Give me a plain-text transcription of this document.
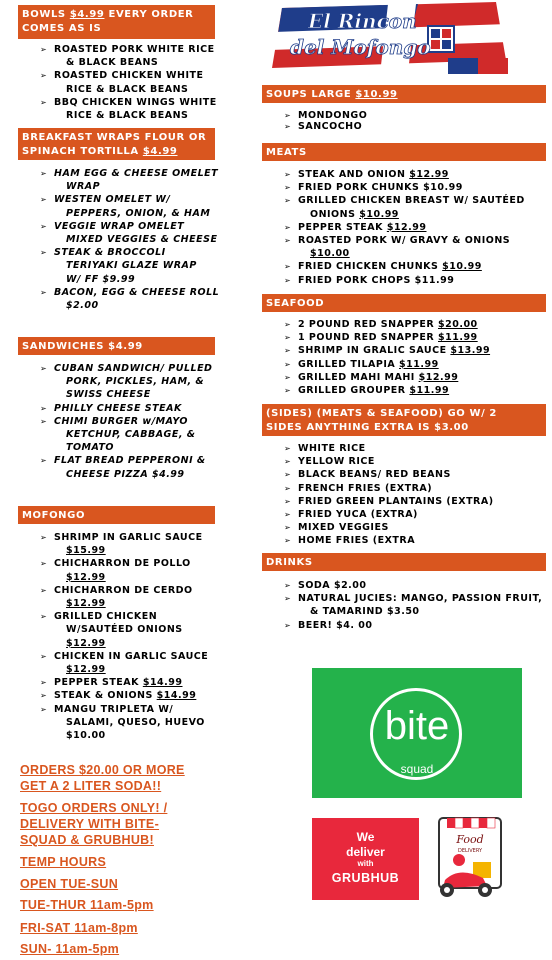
BOWLS $4.99 EVERY ORDER
COMES AS IS
➢ ROASTED PORK WHITE RICE
& BLACK BEANS
➢ ROASTED CHICKEN WHITE
RICE & BLACK BEANS
➢ BBQ CHICKEN WINGS WHITE
RICE & BLACK BEANS
BREAKFAST WRAPS FLOUR OR
SPINACH TORTILLA $4.99
➢ HAM EGG & CHEESE OMELET
WRAP
➢ WESTEN OMELET W/
PEPPERS, ONION, & HAM
➢ VEGGIE WRAP OMELET
MIXED VEGGIES & CHEESE
➢ STEAK & BROCCOLI
TERIYAKI GLAZE WRAP
W/ FF $9.99
➢ BACON, EGG & CHEESE ROLL
$2.00
SANDWICHES $4.99
➢ CUBAN SANDWICH/ PULLED
PORK, PICKLES, HAM, &
SWISS CHEESE
➢ PHILLY CHEESE STEAK
➢ CHIMI BURGER w/MAYO
KETCHUP, CABBAGE, &
TOMATO
➢ FLAT BREAD PEPPERONI &
CHEESE PIZZA $4.99
MOFONGO
➢ SHRIMP IN GARLIC SAUCE
$15.99
➢ CHICHARRON DE POLLO
$12.99
➢ CHICHARRON DE CERDO
$12.99
➢ GRILLED CHICKEN
W/SAUTÉED ONIONS
$12.99
➢ CHICKEN IN GARLIC SAUCE
$12.99
➢ PEPPER STEAK $14.99
➢ STEAK & ONIONS $14.99
➢ MANGU TRIPLETA W/
SALAMI, QUESO, HUEVO
$10.00
ORDERS $20.00 OR MORE
GET A 2 LITER SODA!!
TOGO ORDERS ONLY! /
DELIVERY WITH BITE-
SQUAD & GRUBHUB!
TEMP HOURS
OPEN TUE-SUN
TUE-THUR 11am-5pm
FRI-SAT 11am-8pm
SUN- 11am-5pm
El Rincon
del Mofongo
SOUPS LARGE $10.99
➢ MONDONGO
➢ SANCOCHO
MEATS
➢ STEAK AND ONION $12.99
➢ FRIED PORK CHUNKS $10.99
➢ GRILLED CHICKEN BREAST W/ SAUTÉED
ONIONS $10.99
➢ PEPPER STEAK $12.99
➢ ROASTED PORK W/ GRAVY & ONIONS
$10.00
➢ FRIED CHICKEN CHUNKS $10.99
➢ FRIED PORK CHOPS $11.99
SEAFOOD
➢ 2 POUND RED SNAPPER $20.00
➢ 1 POUND RED SNAPPER $11.99
➢ SHRIMP IN GRALIC SAUCE $13.99
➢ GRILLED TILAPIA $11.99
➢ GRILLED MAHI MAHI $12.99
➢ GRILLED GROUPER $11.99
(SIDES) (MEATS & SEAFOOD) GO W/ 2
SIDES ANYTHING EXTRA IS $3.00
➢ WHITE RICE
➢ YELLOW RICE
➢ BLACK BEANS/ RED BEANS
➢ FRENCH FRIES (EXTRA)
➢ FRIED GREEN PLANTAINS (EXTRA)
➢ FRIED YUCA (EXTRA)
➢ MIXED VEGGIES
➢ HOME FRIES (EXTRA
DRINKS
➢ SODA $2.00
➢ NATURAL JUCIES: MANGO, PASSION FRUIT,
& TAMARIND $3.50
➢ BEER! $4. 00
bite
squad
We
deliver
with
GRUBHUB
Food
DELIVERY
